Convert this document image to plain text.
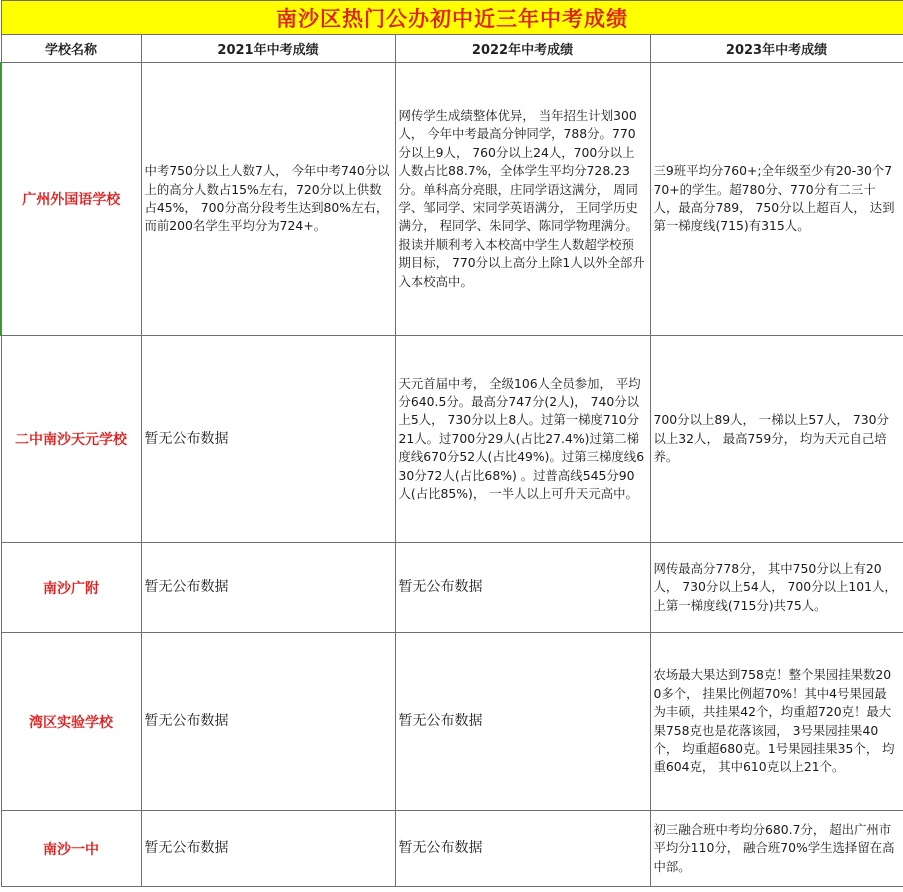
南沙区热门公办初中近三年中考成绩			
学校名称	2021年中考成绩	2022年中考成绩	2023年中考成绩
广州外国语学校	中考750分以上人数7人， 今年中考740分以上的高分人数占15%左右，720分以上供数占45%， 700分高分段考生达到80%左右， 而前200名学生平均分为724+。	网传学生成绩整体优异， 当年招生计划300人， 今年中考最高分钟同学，788分。770分以上9人， 760分以上24人，700分以上人数占比88.7%，全体学生平均分728.23分。单科高分亮眼，庄同学语这满分， 周同学、邹同学、宋同学英语满分， 王同学历史满分， 程同学、朱同学、陈同学物理满分。报读并顺利考入本校高中学生人数超学校预期目标， 770分以上高分上除1人以外全部升入本校高中。	三9班平均分760+;全年级至少有20-30个770+的学生。超780分、770分有二三十人，最高分789， 750分以上超百人， 达到第一梯度线(715)有315人。
二中南沙天元学校	暂无公布数据	天元首届中考， 全级106人全员参加， 平均分640.5分。最高分747分(2人)， 740分以上5人， 730分以上8人。过第一梯度710分21人。过700分29人(占比27.4%)过第二梯度线670分52人(占比49%)。过第三梯度线630分72人(占比68%) 。过普高线545分90人(占比85%)， 一半人以上可升天元高中。	700分以上89人， 一梯以上57人， 730分以上32人， 最高759分， 均为天元自己培养。
南沙广附	暂无公布数据	暂无公布数据	网传最高分778分， 其中750分以上有20人， 730分以上54人， 700分以上101人，上第一梯度线(715分)共75人。
湾区实验学校	暂无公布数据	暂无公布数据	农场最大果达到758克！整个果园挂果数200多个， 挂果比例超70%！其中4号果园最为丰硕，共挂果42个，均重超720克！最大果758克也是花落该园， 3号果园挂果40个， 均重超680克。1号果园挂果35个， 均重604克， 其中610克以上21个。
南沙一中	暂无公布数据	暂无公布数据	初三融合班中考均分680.7分， 超出广州市平均分110分， 融合班70%学生选择留在高中部。
